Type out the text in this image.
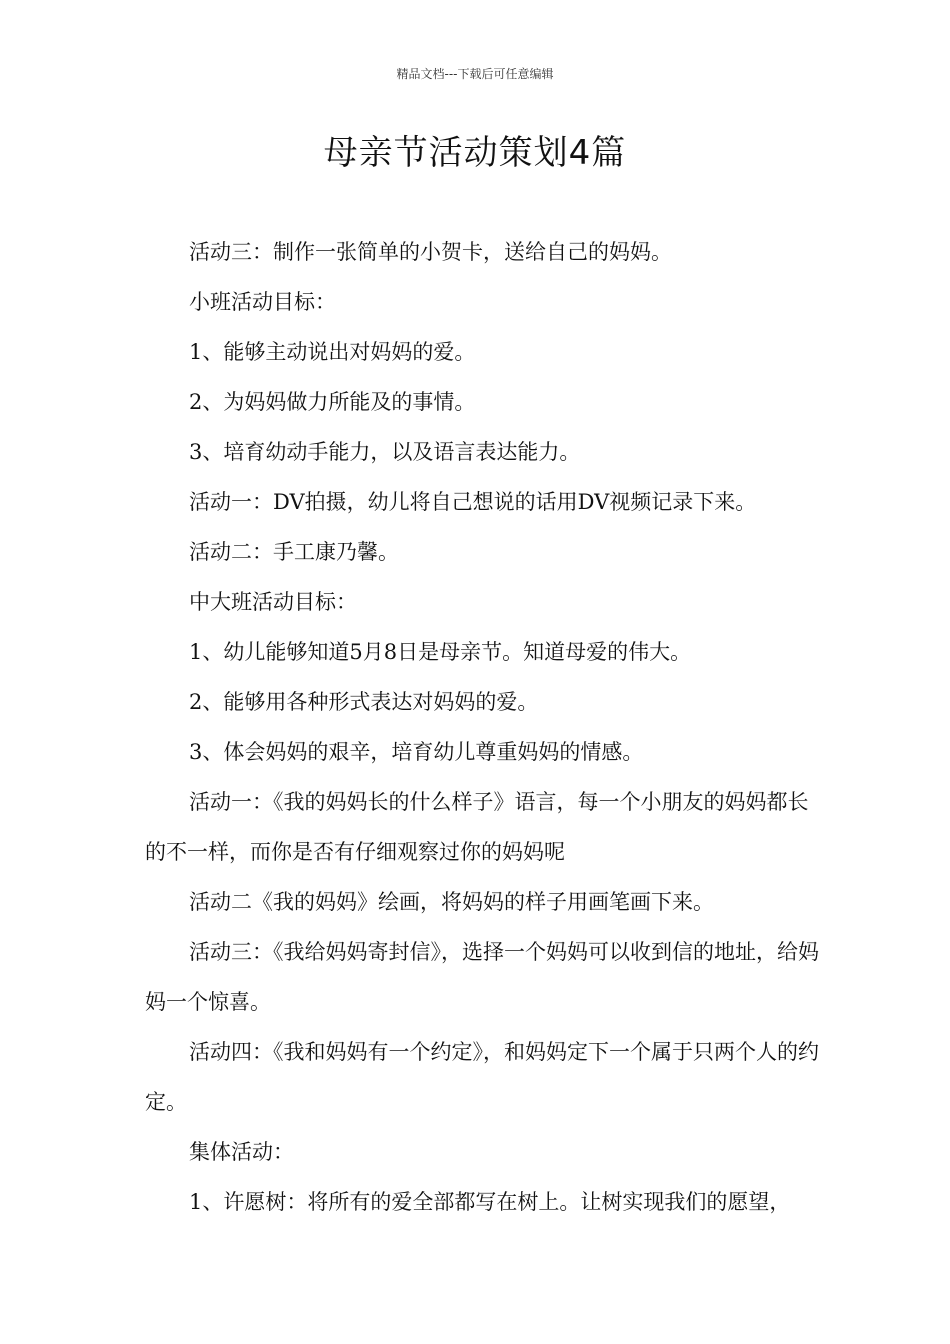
精品文档---下载后可任意编辑
母亲节活动策划4篇

活动三：制作一张简单的小贺卡，送给自己的妈妈。

小班活动目标：

1、能够主动说出对妈妈的爱。

2、为妈妈做力所能及的事情。

3、培育幼动手能力，以及语言表达能力。

活动一：DV拍摄，幼儿将自己想说的话用DV视频记录下来。

活动二：手工康乃馨。

中大班活动目标：

1、幼儿能够知道5月8日是母亲节。知道母爱的伟大。

2、能够用各种形式表达对妈妈的爱。

3、体会妈妈的艰辛，培育幼儿尊重妈妈的情感。

活动一：《我的妈妈长的什么样子》语言，每一个小朋友的妈妈都长的不一样，而你是否有仔细观察过你的妈妈呢

活动二《我的妈妈》绘画，将妈妈的样子用画笔画下来。

活动三：《我给妈妈寄封信》，选择一个妈妈可以收到信的地址，给妈妈一个惊喜。

活动四：《我和妈妈有一个约定》，和妈妈定下一个属于只两个人的约定。

集体活动：

1、许愿树：将所有的爱全部都写在树上。让树实现我们的愿望，
